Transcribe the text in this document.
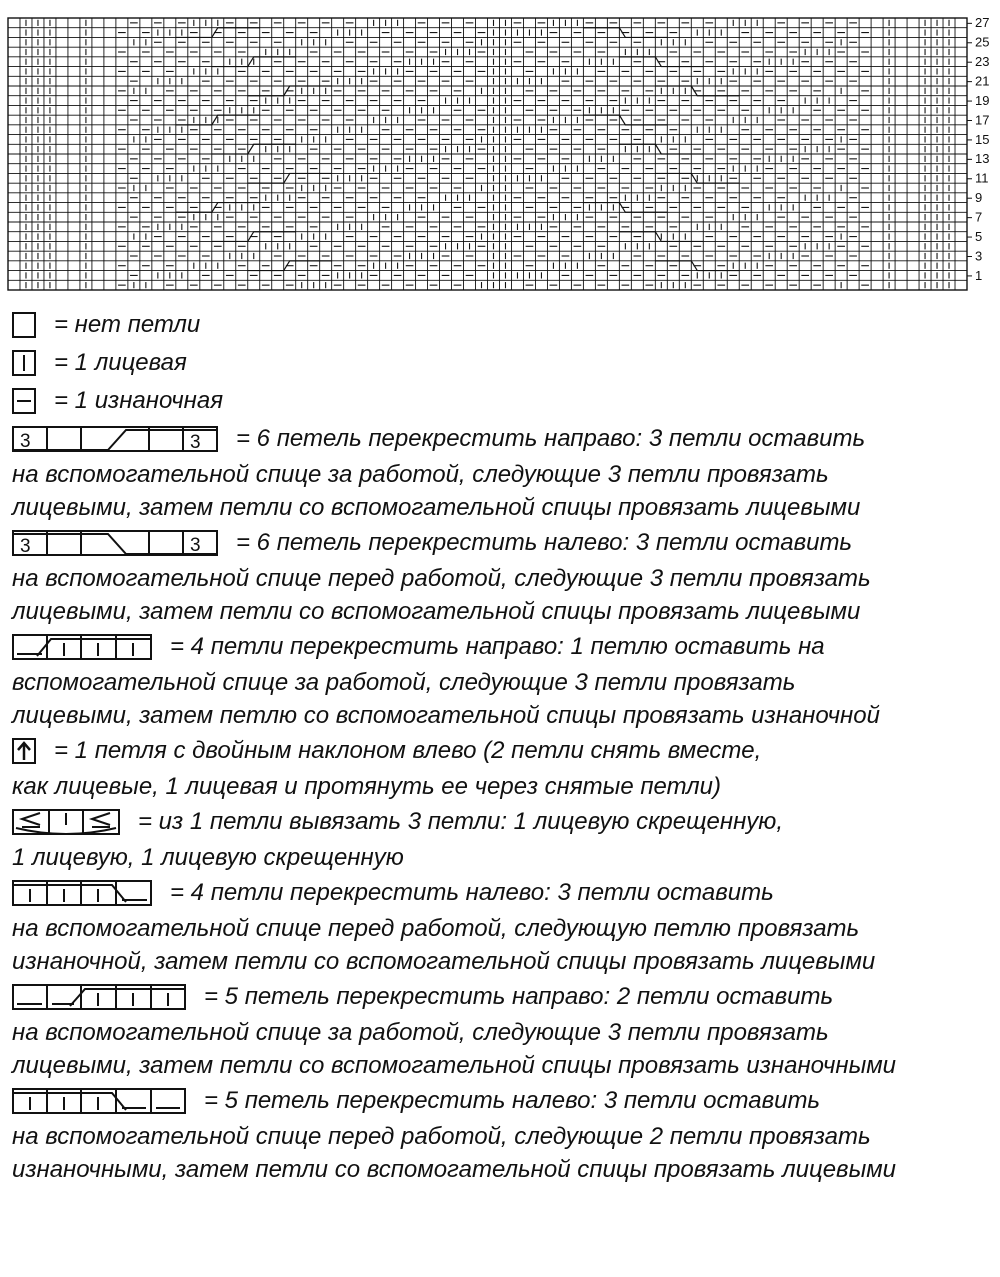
27
25
23
21
19
17
15
13
11
9
7
5
3
1
= нет петли
= 1 лицевая
= 1 изнаночная
3	3 = 6 петель перекрестить направо: 3 петли оставить
на вспомогательной спице за работой, следующие 3 петли провязать
лицевыми, затем петли со вспомогательной спицы провязать лицевыми
3	3 = 6 петель перекрестить налево: 3 петли оставить
на вспомогательной спице перед работой, следующие 3 петли провязать
лицевыми, затем петли со вспомогательной спицы провязать лицевыми
= 4 петли перекрестить направо: 1 петлю оставить на
вспомогательной спице за работой, следующие 3 петли провязать
лицевыми, затем петлю со вспомогательной спицы провязать изнаночной
= 1 петля с двойным наклоном влево (2 петли снять вместе,
как лицевые, 1 лицевая и протянуть ее через снятые петли)
= из 1 петли вывязать 3 петли: 1 лицевую скрещенную,
1 лицевую, 1 лицевую скрещенную
= 4 петли перекрестить налево: 3 петли оставить
на вспомогательной спице перед работой, следующую петлю провязать
изнаночной, затем петли со вспомогательной спицы провязать лицевыми
= 5 петель перекрестить направо: 2 петли оставить
на вспомогательной спице за работой, следующие 3 петли провязать
лицевыми, затем петли со вспомогательной спицы провязать изнаночными
= 5 петель перекрестить налево: 3 петли оставить
на вспомогательной спице перед работой, следующие 2 петли провязать
изнаночными, затем петли со вспомогательной спицы провязать лицевыми
